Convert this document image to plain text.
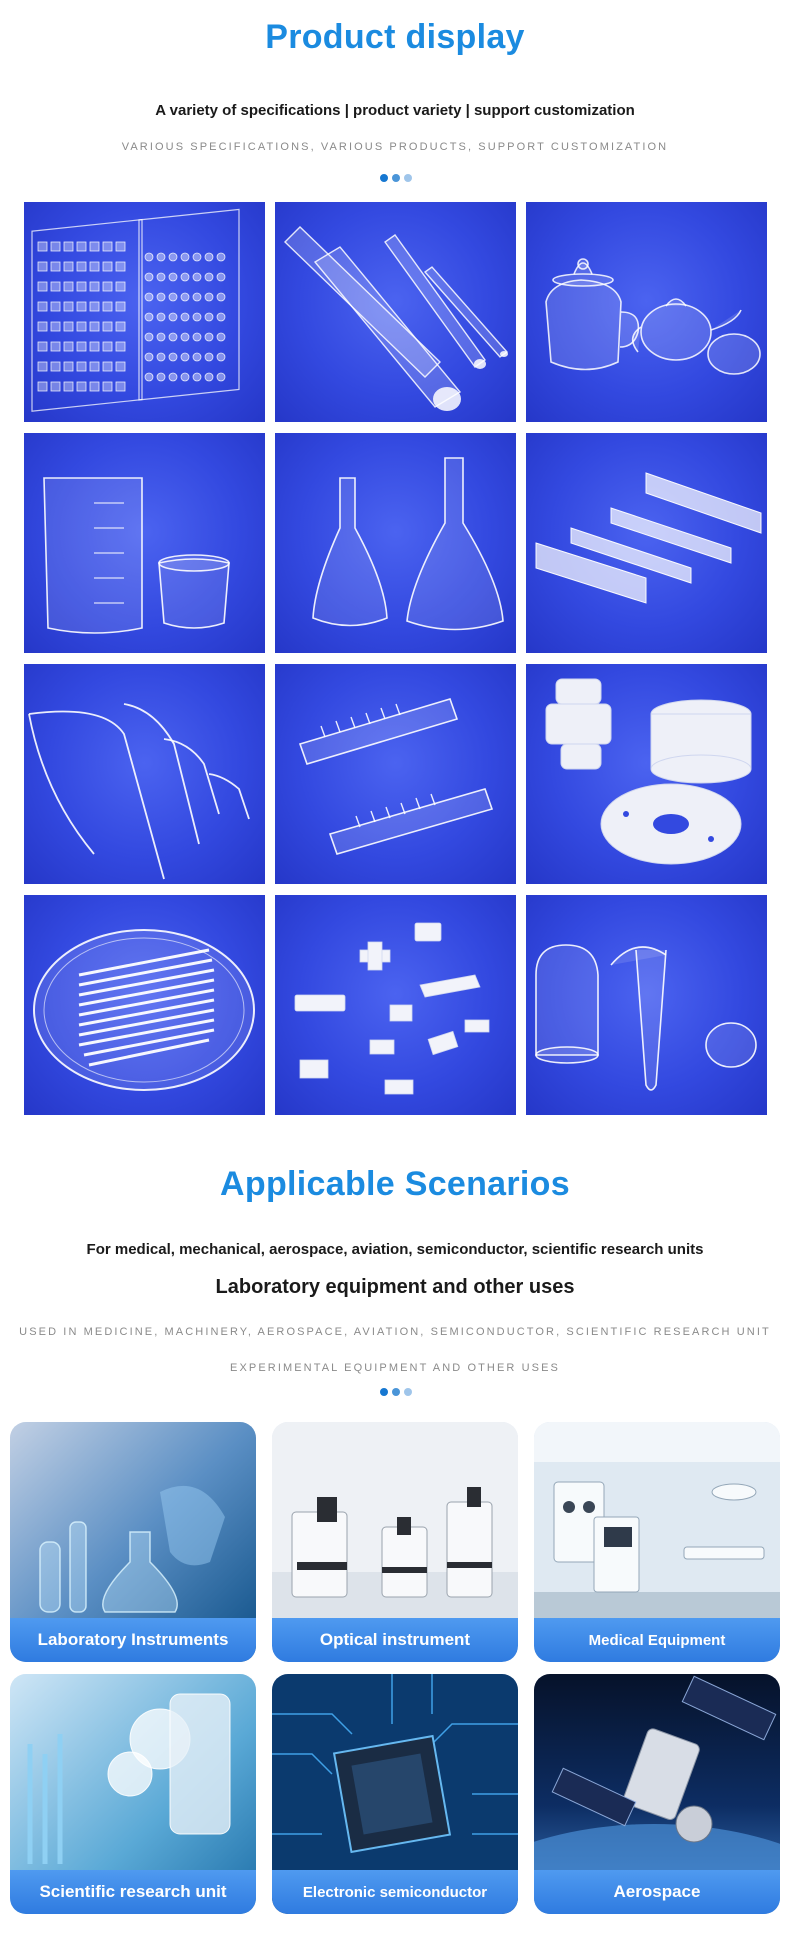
Product display
A variety of specifications | product variety | support customization
VARIOUS SPECIFICATIONS, VARIOUS PRODUCTS, SUPPORT CUSTOMIZATION
Applicable Scenarios
For medical, mechanical, aerospace, aviation, semiconductor, scientific research units
Laboratory equipment and other uses
USED IN MEDICINE, MACHINERY, AEROSPACE, AVIATION, SEMICONDUCTOR, SCIENTIFIC RESEARCH UNIT
EXPERIMENTAL EQUIPMENT AND OTHER USES
Laboratory Instruments	Optical instrument	Medical Equipment
Scientific research unit	Electronic semiconductor	Aerospace
